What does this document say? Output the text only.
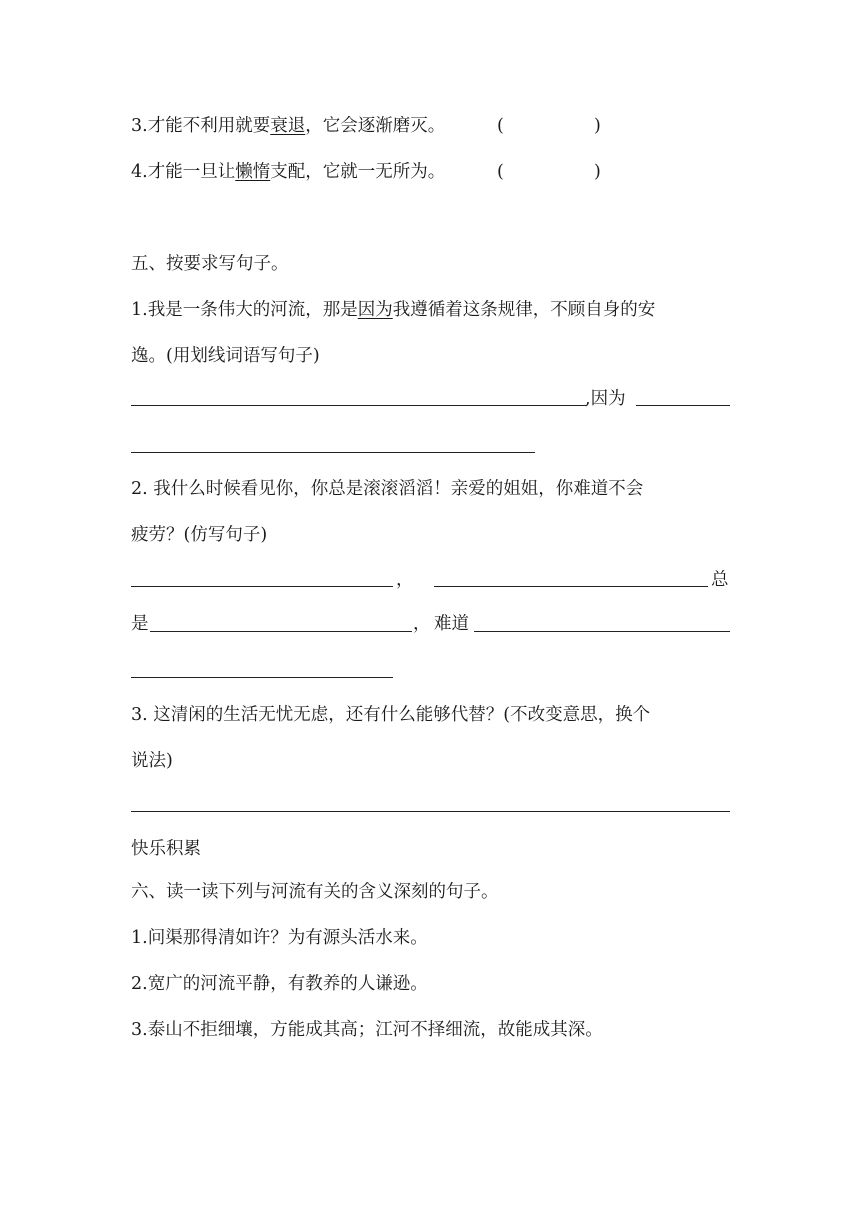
3.才能不利用就要衰退，它会逐渐磨灭。	(	)
4.才能一旦让懒惰支配，它就一无所为。	(	)
五、按要求写句子。
1.我是一条伟大的河流，那是因为我遵循着这条规律，不顾自身的安
逸。(用划线词语写句子)
,因为
2. 我什么时候看见你，你总是滚滚滔滔！亲爱的姐姐，你难道不会
疲劳？(仿写句子)
，	总
是	， 难道
3. 这清闲的生活无忧无虑，还有什么能够代替？(不改变意思，换个
说法)
快乐积累
六、读一读下列与河流有关的含义深刻的句子。
1.问渠那得清如许？为有源头活水来。
2.宽广的河流平静，有教养的人谦逊。
3.泰山不拒细壤，方能成其高；江河不择细流，故能成其深。
